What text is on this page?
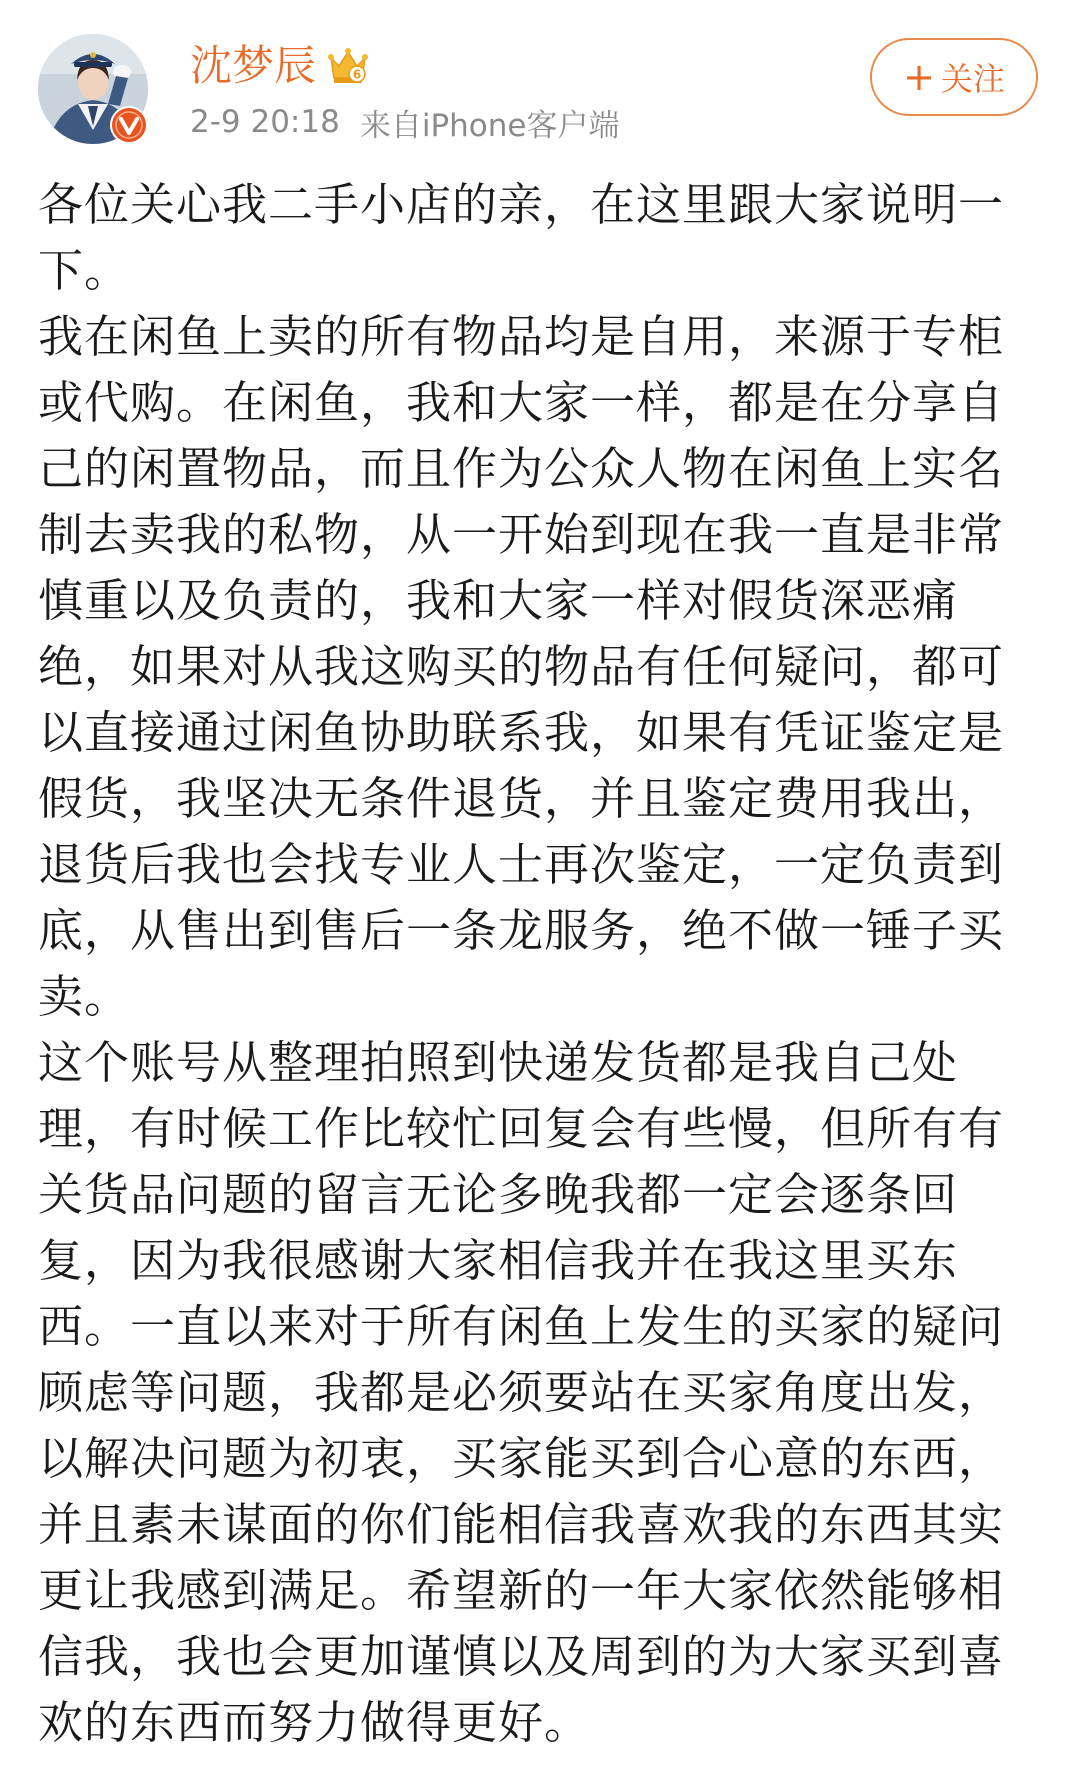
沈梦辰	6
2-9 20:18 来自iPhone客户端
+ 关注

各位关心我二手小店的亲，在这里跟大家说明一下。

我在闲鱼上卖的所有物品均是自用，来源于专柜或代购。在闲鱼，我和大家一样，都是在分享自己的闲置物品，而且作为公众人物在闲鱼上实名制去卖我的私物，从一开始到现在我一直是非常慎重以及负责的，我和大家一样对假货深恶痛绝，如果对从我这购买的物品有任何疑问，都可以直接通过闲鱼协助联系我，如果有凭证鉴定是假货，我坚决无条件退货，并且鉴定费用我出，退货后我也会找专业人士再次鉴定，一定负责到底，从售出到售后一条龙服务，绝不做一锤子买卖。

这个账号从整理拍照到快递发货都是我自己处理，有时候工作比较忙回复会有些慢，但所有有关货品问题的留言无论多晚我都一定会逐条回复，因为我很感谢大家相信我并在我这里买东西。一直以来对于所有闲鱼上发生的买家的疑问顾虑等问题，我都是必须要站在买家角度出发，以解决问题为初衷，买家能买到合心意的东西，并且素未谋面的你们能相信我喜欢我的东西其实更让我感到满足。希望新的一年大家依然能够相信我，我也会更加谨慎以及周到的为大家买到喜欢的东西而努力做得更好。
